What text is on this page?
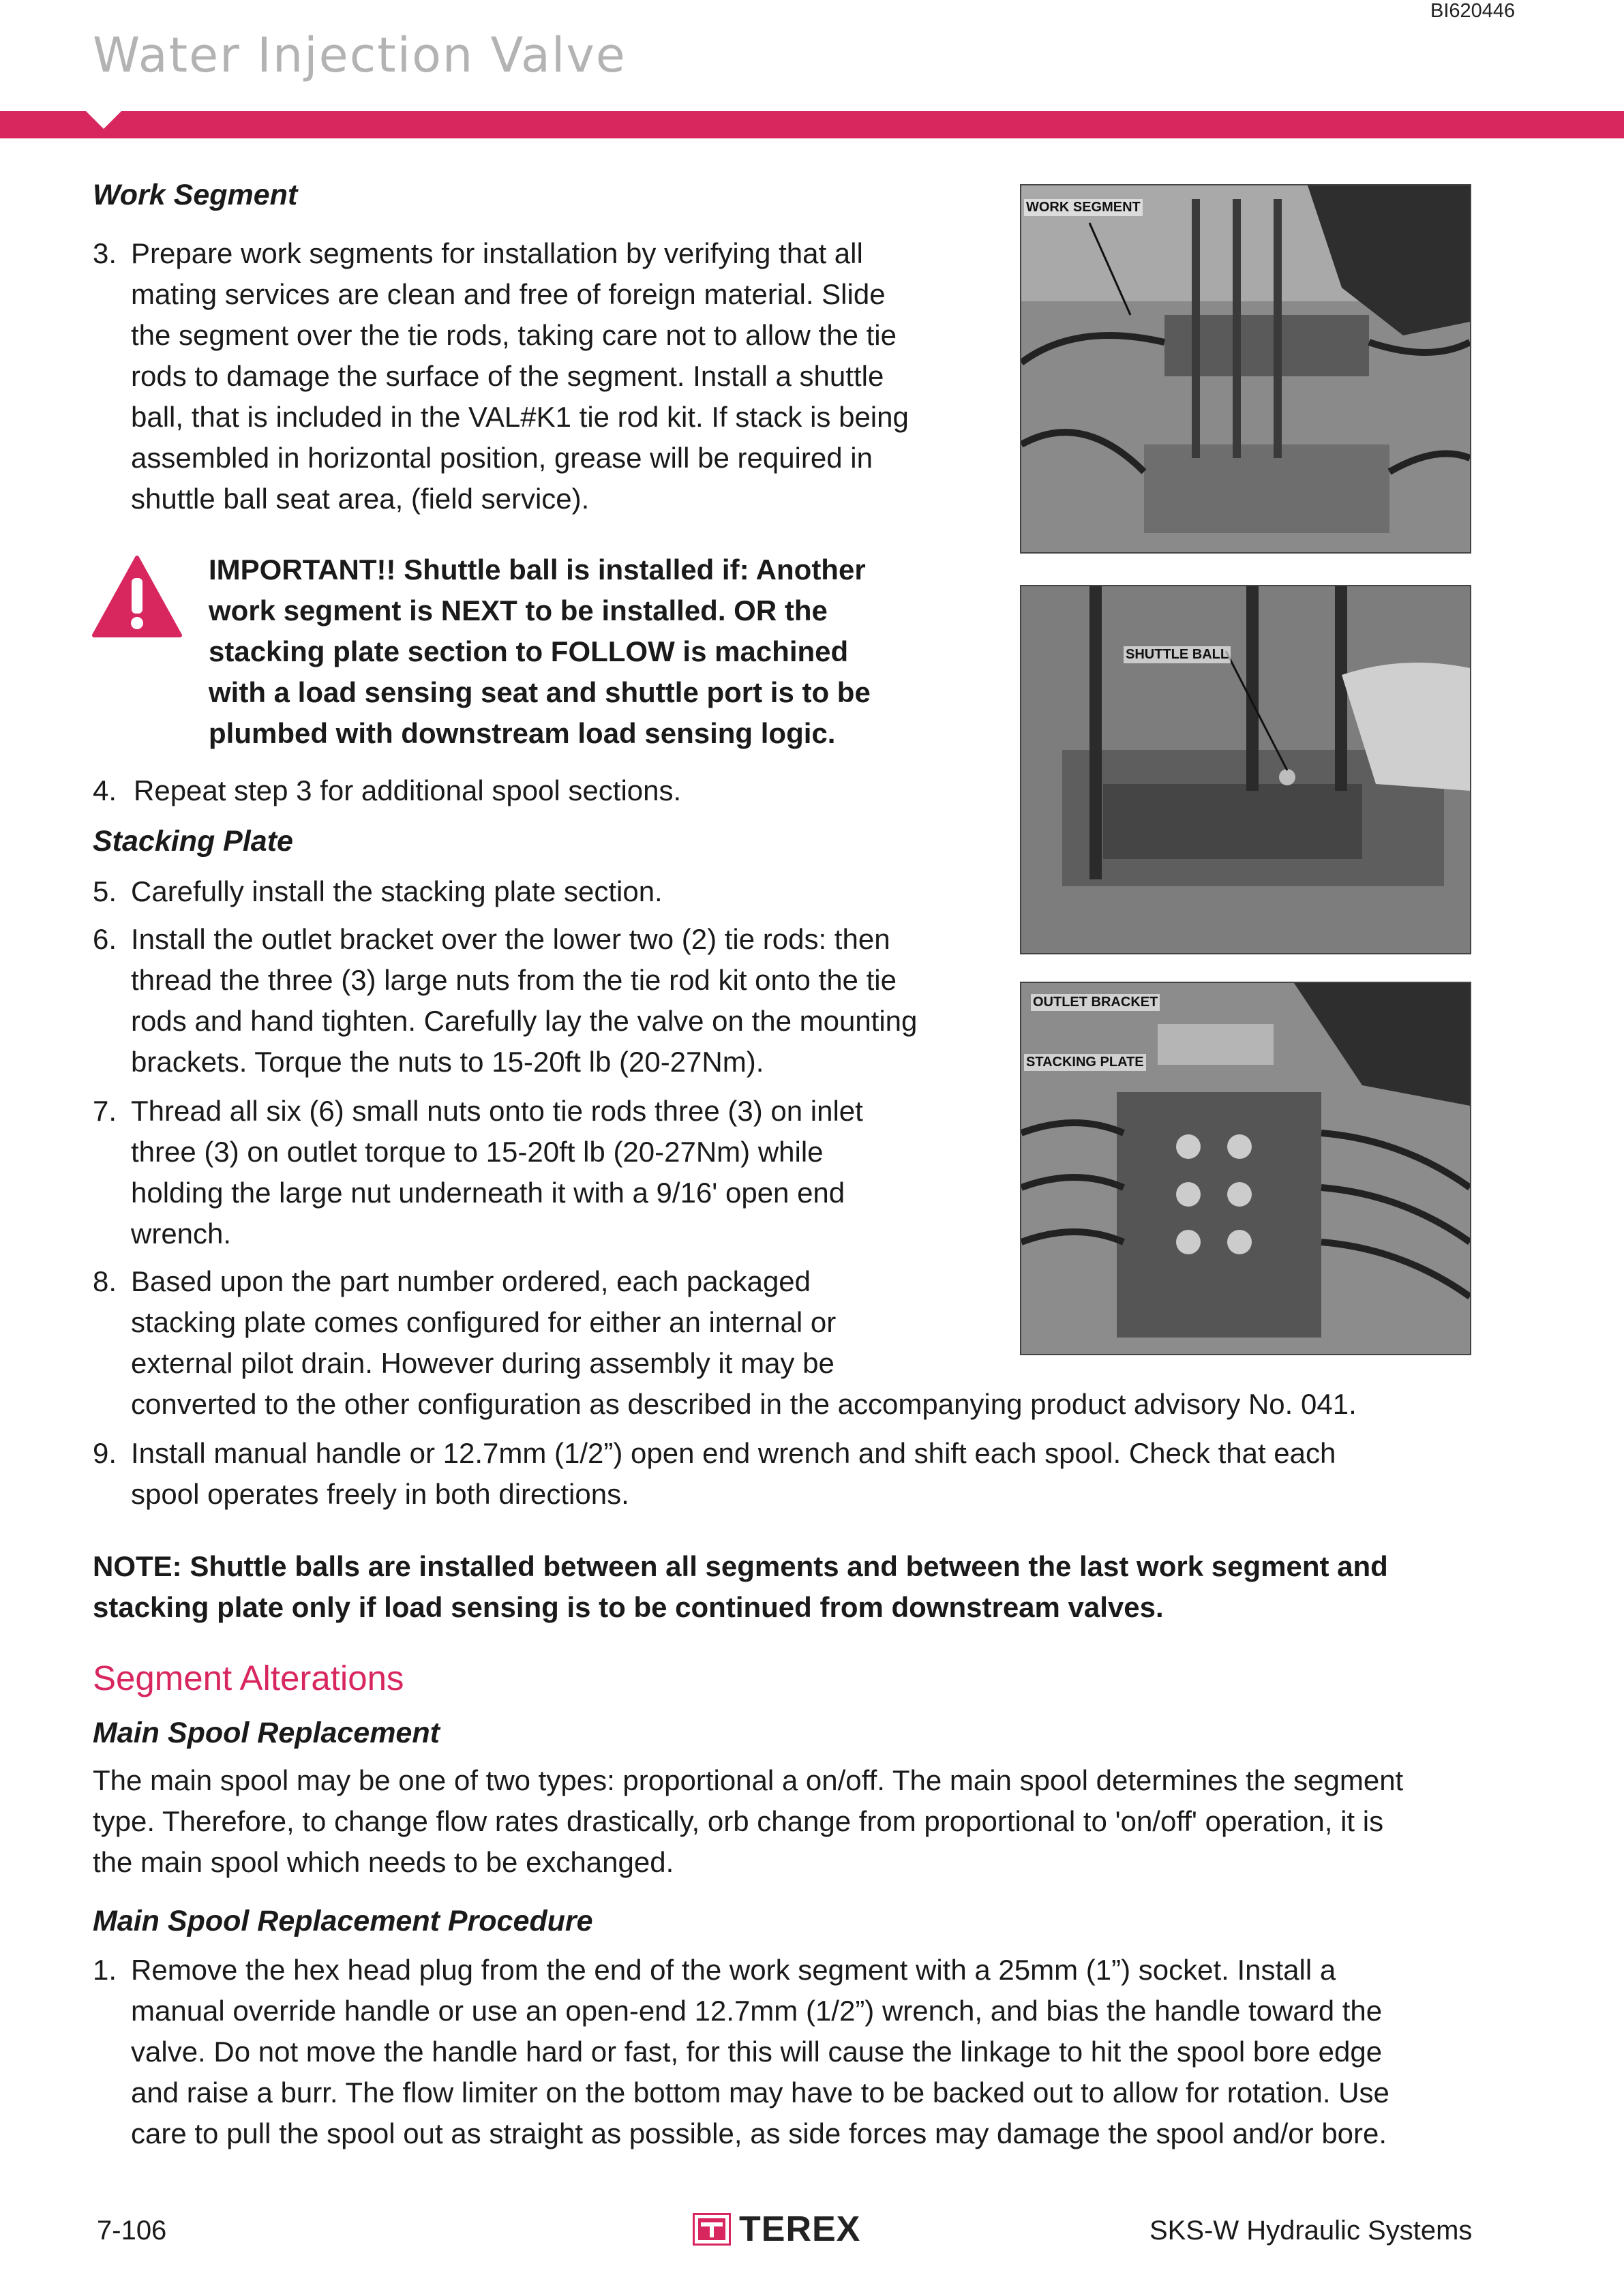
BI620446
Water Injection Valve
Work Segment
3. Prepare work segments for installation by verifying that all
mating services are clean and free of foreign material. Slide
the segment over the tie rods, taking care not to allow the tie
rods to damage the surface of the segment. Install a shuttle
ball, that is included in the VAL#K1 tie rod kit. If stack is being
assembled in horizontal position, grease will be required in
shuttle ball seat area, (field service).
IMPORTANT!! Shuttle ball is installed if: Another
work segment is NEXT to be installed. OR the
stacking plate section to FOLLOW is machined
with a load sensing seat and shuttle port is to be
plumbed with downstream load sensing logic.
4. Repeat step 3 for additional spool sections.
Stacking Plate
5. Carefully install the stacking plate section.
6. Install the outlet bracket over the lower two (2) tie rods: then
thread the three (3) large nuts from the tie rod kit onto the tie
rods and hand tighten. Carefully lay the valve on the mounting
brackets. Torque the nuts to 15-20ft lb (20-27Nm).
7. Thread all six (6) small nuts onto tie rods three (3) on inlet
three (3) on outlet torque to 15-20ft lb (20-27Nm) while
holding the large nut underneath it with a 9/16' open end
wrench.
8. Based upon the part number ordered, each packaged
stacking plate comes configured for either an internal or
external pilot drain. However during assembly it may be
converted to the other configuration as described in the accompanying product advisory No. 041.
9. Install manual handle or 12.7mm (1/2”) open end wrench and shift each spool. Check that each
spool operates freely in both directions.
NOTE: Shuttle balls are installed between all segments and between the last work segment and
stacking plate only if load sensing is to be continued from downstream valves.
Segment Alterations
Main Spool Replacement
The main spool may be one of two types: proportional a on/off. The main spool determines the segment
type. Therefore, to change flow rates drastically, orb change from proportional to 'on/off' operation, it is
the main spool which needs to be exchanged.
Main Spool Replacement Procedure
1. Remove the hex head plug from the end of the work segment with a 25mm (1”) socket. Install a
manual override handle or use an open-end 12.7mm (1/2”) wrench, and bias the handle toward the
valve. Do not move the handle hard or fast, for this will cause the linkage to hit the spool bore edge
and raise a burr. The flow limiter on the bottom may have to be backed out to allow for rotation. Use
care to pull the spool out as straight as possible, as side forces may damage the spool and/or bore.
WORK SEGMENT
SHUTTLE BALL
OUTLET BRACKET
STACKING PLATE
7-106	TEREX	SKS-W Hydraulic Systems
